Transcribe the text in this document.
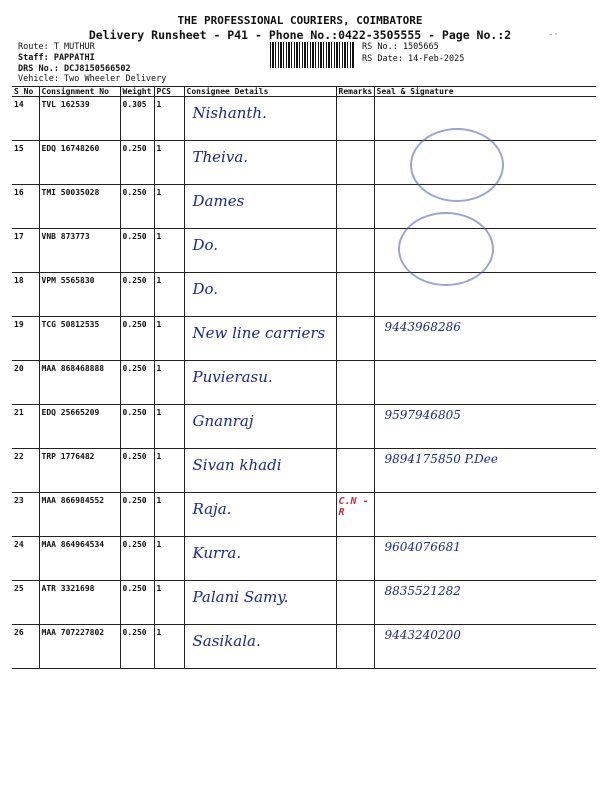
THE PROFESSIONAL COURIERS, COIMBATORE
Delivery Runsheet - P41 - Phone No.:0422-3505555 - Page No.:2
Route: T MUTHUR
Staff: PAPPATHI
DRS No.: DCJ8150566502
Vehicle: Two Wheeler Delivery
RS No.: 1505665
RS Date: 14-Feb-2025
-·
S No	Consignment No	Weight	PCS	Consignee Details	Remarks	Seal & Signature
14	TVL 162539	0.305	1	Nishanth.		

15	EDQ 16748260	0.250	1	Theiva.		

16	TMI 50035028	0.250	1	Dames		

17	VNB 873773	0.250	1	Do.		

18	VPM 5565830	0.250	1	Do.		

19	TCG 50812535	0.250	1	New line carriers		9443968286

20	MAA 868468888	0.250	1	Puvierasu.		

21	EDQ 25665209	0.250	1	Gnanraj		9597946805

22	TRP 1776482	0.250	1	Sivan khadi		9894175850 P.Dee

23	MAA 866984552	0.250	1	Raja.	C.N - R	

24	MAA 864964534	0.250	1	Kurra.		9604076681

25	ATR 3321698	0.250	1	Palani Samy.		8835521282

26	MAA 707227802	0.250	1	Sasikala.		9443240200
